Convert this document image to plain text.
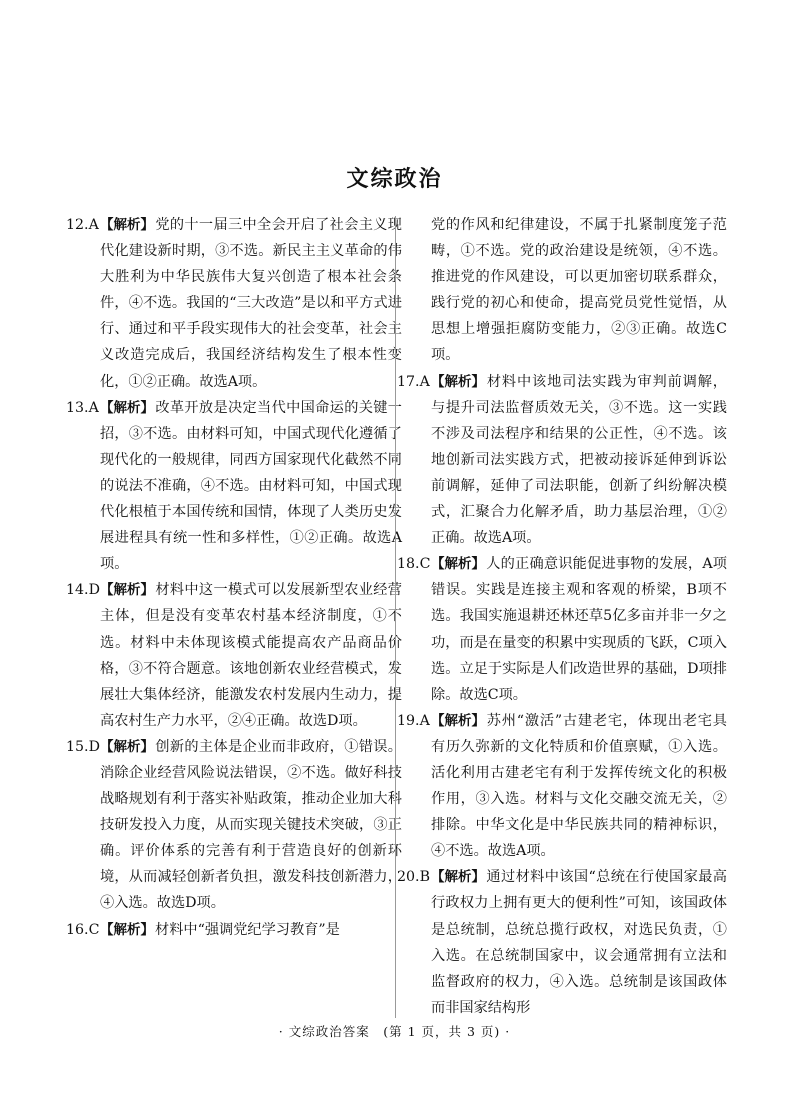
文综政治

12.A【解析】党的十一届三中全会开启了社会主义现代化建设新时期，③不选。新民主主义革命的伟大胜利为中华民族伟大复兴创造了根本社会条件，④不选。我国的“三大改造”是以和平方式进行、通过和平手段实现伟大的社会变革，社会主义改造完成后，我国经济结构发生了根本性变化，①②正确。故选A项。

13.A【解析】改革开放是决定当代中国命运的关键一招，③不选。由材料可知，中国式现代化遵循了现代化的一般规律，同西方国家现代化截然不同的说法不准确，④不选。由材料可知，中国式现代化根植于本国传统和国情，体现了人类历史发展进程具有统一性和多样性，①②正确。故选A项。

14.D【解析】材料中这一模式可以发展新型农业经营主体，但是没有变革农村基本经济制度，①不选。材料中未体现该模式能提高农产品商品价格，③不符合题意。该地创新农业经营模式，发展壮大集体经济，能激发农村发展内生动力，提高农村生产力水平，②④正确。故选D项。

15.D【解析】创新的主体是企业而非政府，①错误。消除企业经营风险说法错误，②不选。做好科技战略规划有利于落实补贴政策，推动企业加大科技研发投入力度，从而实现关键技术突破，③正确。评价体系的完善有利于营造良好的创新环境，从而减轻创新者负担，激发科技创新潜力，④入选。故选D项。

16.C【解析】材料中“强调党纪学习教育”是

党的作风和纪律建设，不属于扎紧制度笼子范畴，①不选。党的政治建设是统领，④不选。推进党的作风建设，可以更加密切联系群众，践行党的初心和使命，提高党员党性觉悟，从思想上增强拒腐防变能力，②③正确。故选C项。

17.A【解析】材料中该地司法实践为审判前调解，与提升司法监督质效无关，③不选。这一实践不涉及司法程序和结果的公正性，④不选。该地创新司法实践方式，把被动接诉延伸到诉讼前调解，延伸了司法职能，创新了纠纷解决模式，汇聚合力化解矛盾，助力基层治理，①②正确。故选A项。

18.C【解析】人的正确意识能促进事物的发展，A项错误。实践是连接主观和客观的桥梁，B项不选。我国实施退耕还林还草5亿多亩并非一夕之功，而是在量变的积累中实现质的飞跃，C项入选。立足于实际是人们改造世界的基础，D项排除。故选C项。

19.A【解析】苏州“激活”古建老宅，体现出老宅具有历久弥新的文化特质和价值禀赋，①入选。活化利用古建老宅有利于发挥传统文化的积极作用，③入选。材料与文化交融交流无关，②排除。中华文化是中华民族共同的精神标识，④不选。故选A项。

20.B【解析】通过材料中该国“总统在行使国家最高行政权力上拥有更大的便利性”可知，该国政体是总统制，总统总揽行政权，对选民负责，①入选。在总统制国家中，议会通常拥有立法和监督政府的权力，④入选。总统制是该国政体而非国家结构形

· 文综政治答案　(第 1 页，共 3 页) ·
